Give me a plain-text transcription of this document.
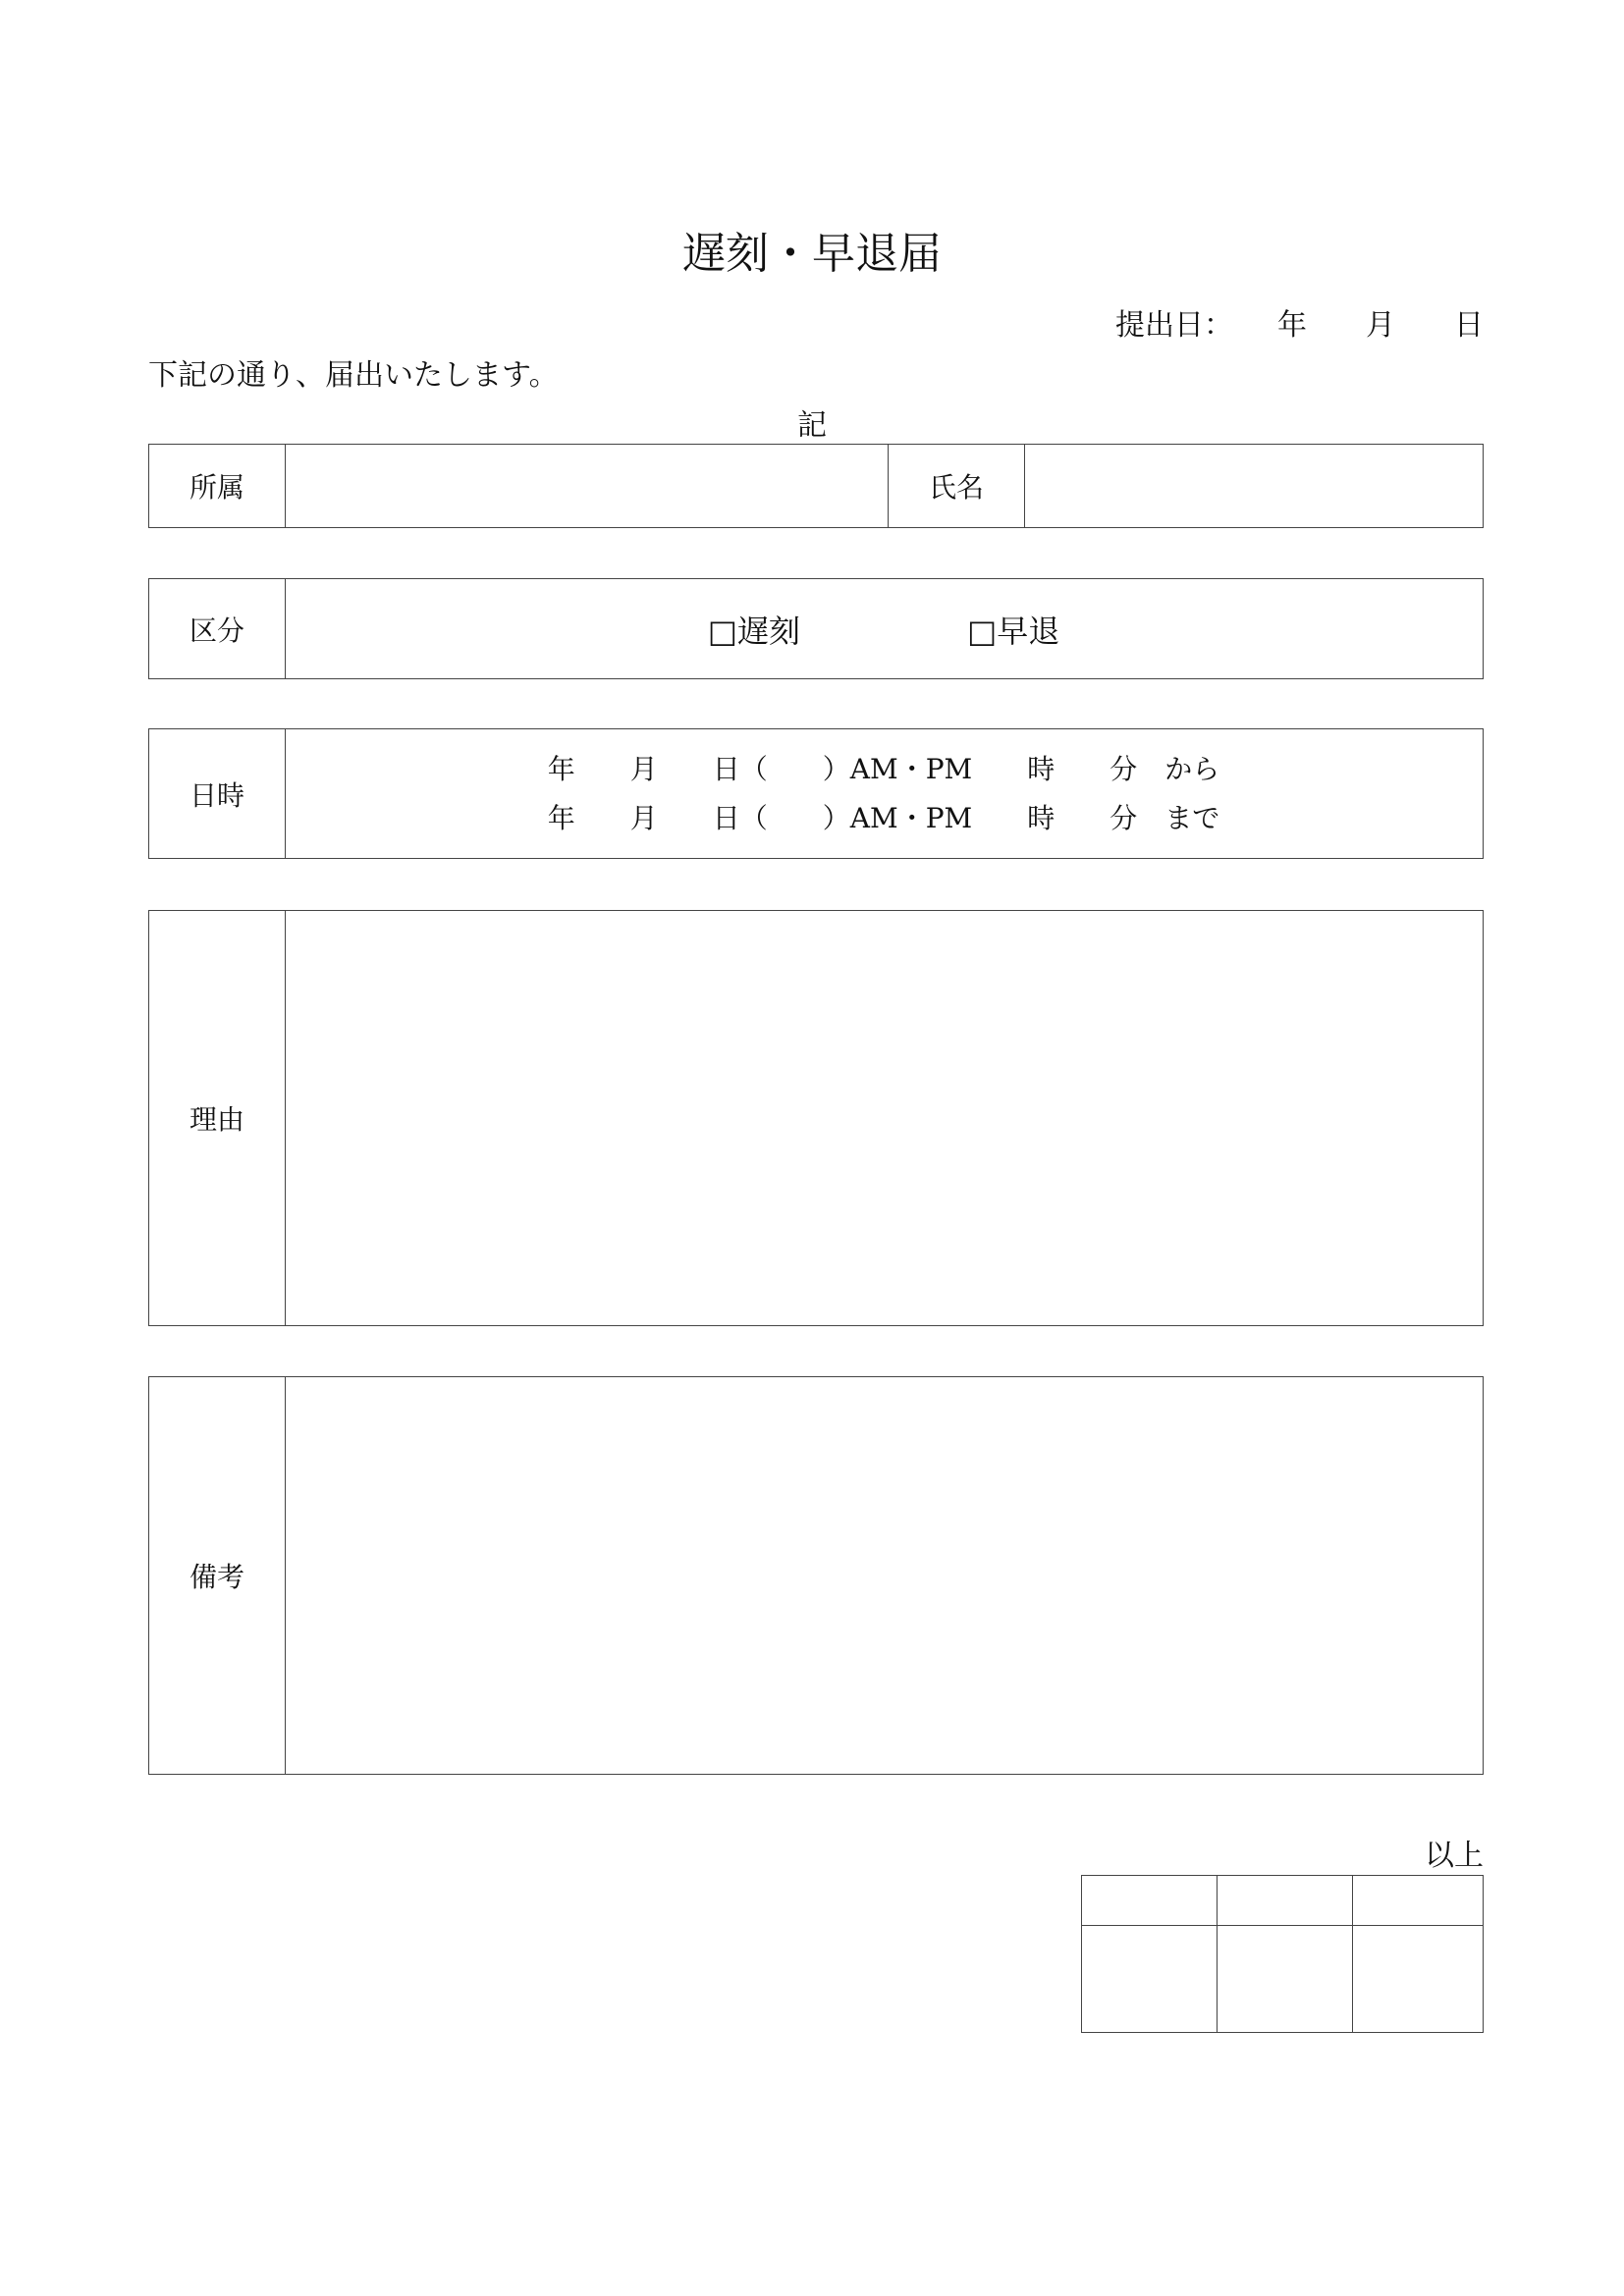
遅刻・早退届
提出日：　　年　　月　　日
下記の通り、届出いたします。
記
所属	氏名
区分	□遅刻	□早退
日時
年　　月　　日（　　）AM・PM　　時　　分　から
年　　月　　日（　　）AM・PM　　時　　分　まで
理由
備考
以上
